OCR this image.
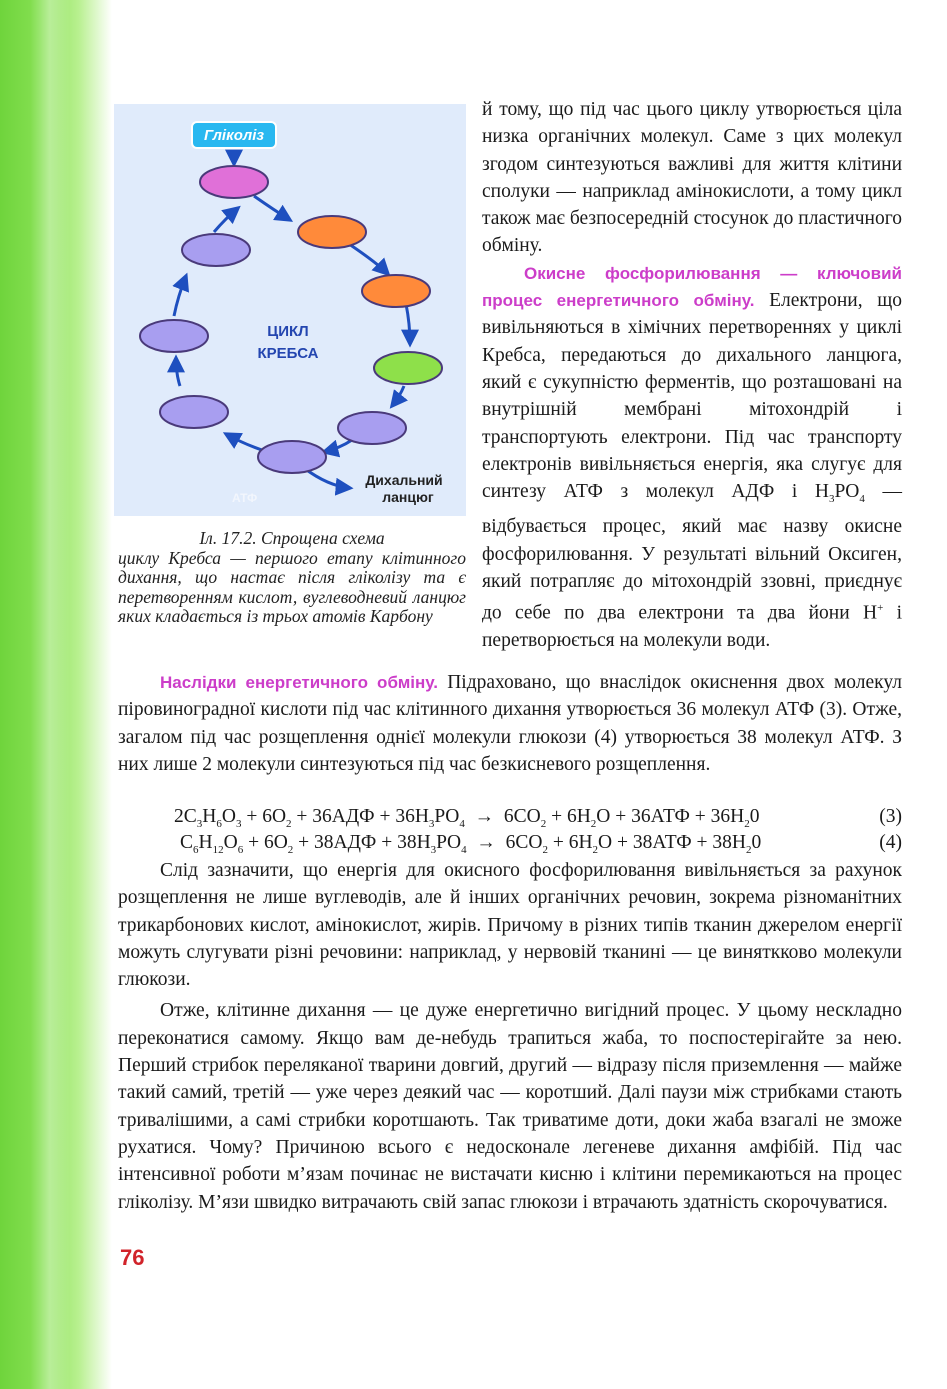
Гліколіз
ЦИКЛ
КРЕБСА
Дихальний
ланцюг
АТФ
Іл. 17.2. Спрощена схема
циклу Кребса — першого етапу клітинного дихання, що настає після гліколізу та є перетворенням кислот, вуглеводневий ланцюг яких кладається із трьох атомів Карбону

й тому, що під час цього циклу утворюється ціла низка органічних молекул. Саме з цих молекул згодом синтезуються важливі для життя клітини сполуки — наприклад амінокислоти, а тому цикл також має безпосередній стосунок до пластичного обміну.

Окисне фосфорилювання — ключовий процес енергетичного обміну. Електрони, що вивільняються в хімічних перетвореннях у циклі Кребса, передаються до дихального ланцюга, який є сукупністю ферментів, що розташовані на внутрішній мембрані мітохондрій і транспортують електрони. Під час транспорту електронів вивільняється енергія, яка слугує для синтезу АТФ з молекул АДФ і $H_3PO_4$ — відбувається процес, який має назву окисне фосфорилювання. У результаті вільний Оксиген, який потрапляє до мітохондрій ззовні, приєднує до себе по два електрони та два йони H+ і перетворюється на молекули води.

Наслідки енергетичного обміну. Підраховано, що внаслідок окиснення двох молекул піровиноградної кислоти під час клітинного дихання утворюється 36 молекул АТФ (3). Отже, загалом під час розщеплення однієї молекули глюкози (4) утворюється 38 молекул АТФ. З них лише 2 молекули синтезуються під час безкисневого розщеплення.

$2C_3H_6O_3 + 6O_2 + 36АДФ + 36H_3PO_4 \to 6CO_2 + 6H_2O + 36АТФ + 36H_20$	(3)
$C_6H_{12}O_6 + 6O_2 + 38АДФ + 38H_3PO_4 \to 6CO_2 + 6H_2O + 38АТФ + 38H_20$	(4)

Слід зазначити, що енергія для окисного фосфорилювання вивільняється за рахунок розщеплення не лише вуглеводів, але й інших органічних речовин, зокрема різноманітних трикарбонових кислот, амінокислот, жирів. Причому в різних типів тканин джерелом енергії можуть слугувати різні речовини: наприклад, у нервовій тканині — це виняткково молекули глюкози.

Отже, клітинне дихання — це дуже енергетично вигідний процес. У цьому нескладно переконатися самому. Якщо вам де-небудь трапиться жаба, то поспостерігайте за нею. Перший стрибок переляканої тварини довгий, другий — відразу після приземлення — майже такий самий, третій — уже через деякий час — коротший. Далі паузи між стрибками стають тривалішими, а самі стрибки коротшають. Так триватиме доти, доки жаба взагалі не зможе рухатися. Чому? Причиною всього є недосконале легеневе дихання амфібій. Під час інтенсивної роботи м’язам починає не вистачати кисню і клітини перемикаються на процес гліколізу. М’язи швидко витрачають свій запас глюкози і втрачають здатність скорочуватися.

76
